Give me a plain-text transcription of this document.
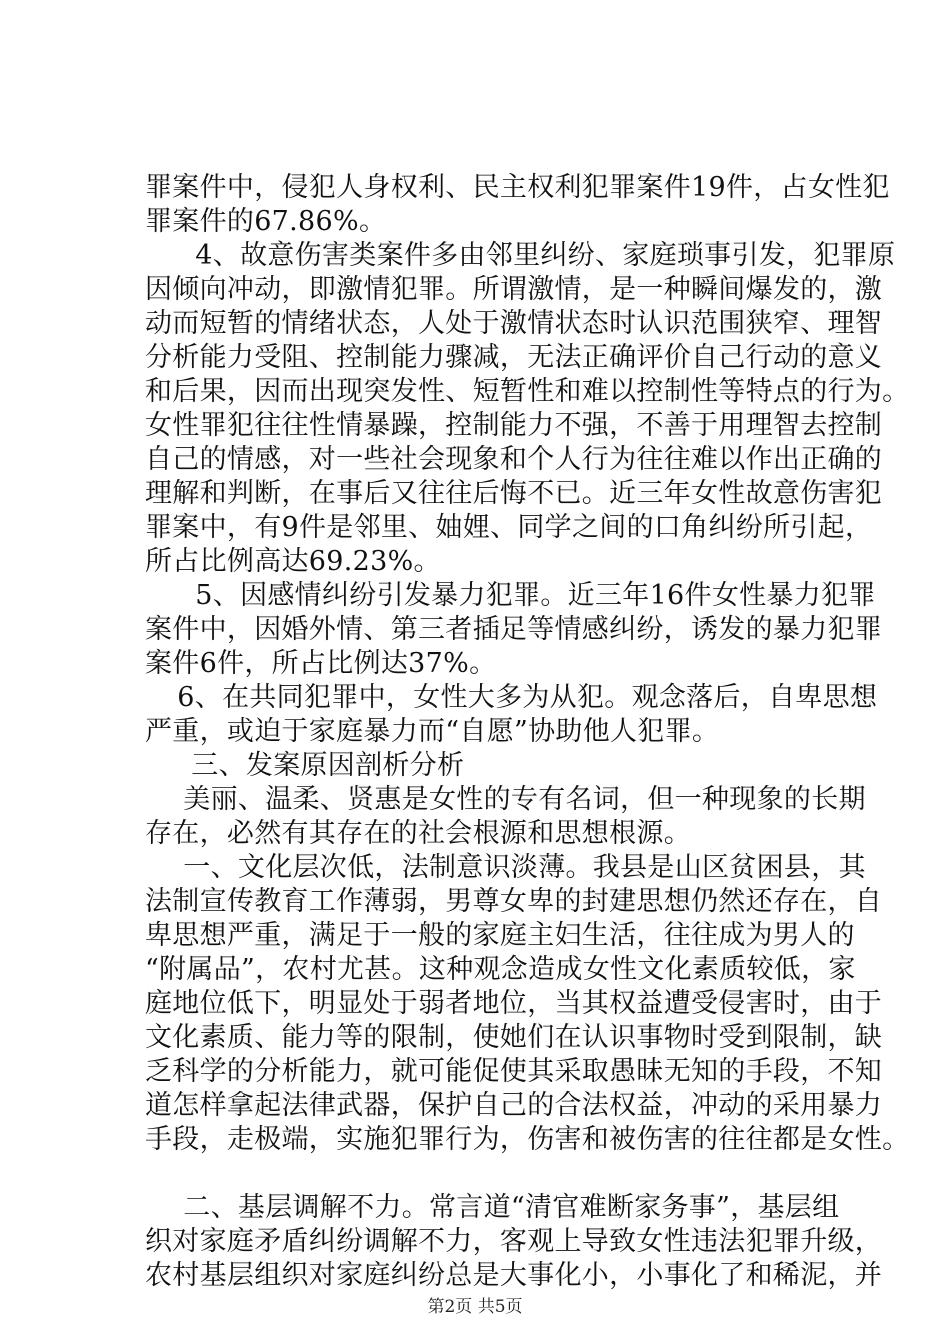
罪案件中，侵犯人身权利、民主权利犯罪案件19件，占女性犯
罪案件的67.86%。
　4、故意伤害类案件多由邻里纠纷、家庭琐事引发，犯罪原
因倾向冲动，即激情犯罪。所谓激情，是一种瞬间爆发的，激
动而短暂的情绪状态，人处于激情状态时认识范围狭窄、理智
分析能力受阻、控制能力骤减，无法正确评价自己行动的意义
和后果，因而出现突发性、短暂性和难以控制性等特点的行为。
女性罪犯往往性情暴躁，控制能力不强，不善于用理智去控制
自己的情感，对一些社会现象和个人行为往往难以作出正确的
理解和判断，在事后又往往后悔不已。近三年女性故意伤害犯
罪案中，有9件是邻里、妯娌、同学之间的口角纠纷所引起，
所占比例高达69.23%。
　5、因感情纠纷引发暴力犯罪。近三年16件女性暴力犯罪
案件中，因婚外情、第三者插足等情感纠纷，诱发的暴力犯罪
案件6件，所占比例达37%。
　6、在共同犯罪中，女性大多为从犯。观念落后，自卑思想
严重，或迫于家庭暴力而“自愿”协助他人犯罪。
　三、发案原因剖析分析
　美丽、温柔、贤惠是女性的专有名词，但一种现象的长期
存在，必然有其存在的社会根源和思想根源。
　一、文化层次低，法制意识淡薄。我县是山区贫困县，其
法制宣传教育工作薄弱，男尊女卑的封建思想仍然还存在，自
卑思想严重，满足于一般的家庭主妇生活，往往成为男人的
“附属品”，农村尤甚。这种观念造成女性文化素质较低，家
庭地位低下，明显处于弱者地位，当其权益遭受侵害时，由于
文化素质、能力等的限制，使她们在认识事物时受到限制，缺
乏科学的分析能力，就可能促使其采取愚昧无知的手段，不知
道怎样拿起法律武器，保护自己的合法权益，冲动的采用暴力
手段，走极端，实施犯罪行为，伤害和被伤害的往往都是女性。
　二、基层调解不力。常言道“清官难断家务事”，基层组
织对家庭矛盾纠纷调解不力，客观上导致女性违法犯罪升级，
农村基层组织对家庭纠纷总是大事化小，小事化了和稀泥，并
第2页 共5页
